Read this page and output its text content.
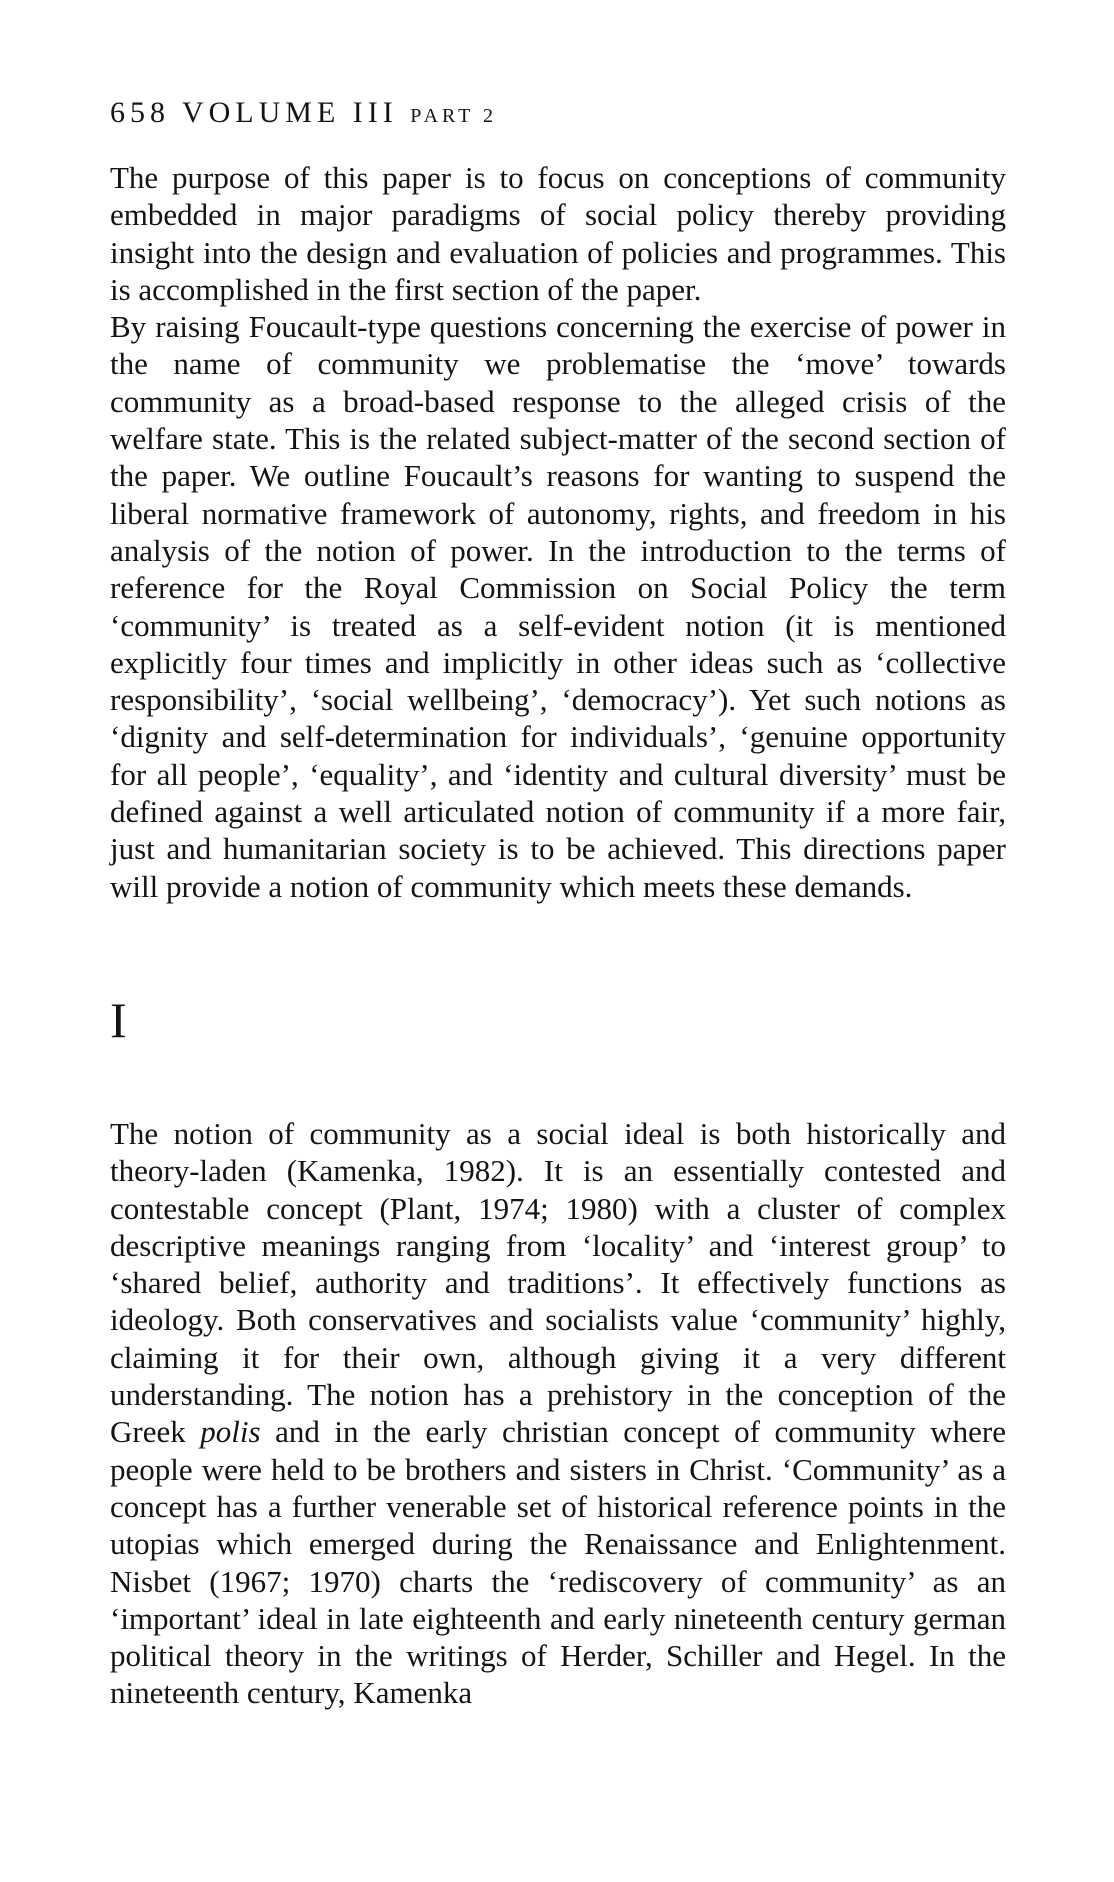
658 VOLUME III PART 2

The purpose of this paper is to focus on conceptions of community embedded in major paradigms of social policy thereby providing insight into the design and evaluation of policies and programmes. This is accomplished in the first section of the paper.

By raising Foucault-type questions concerning the exercise of power in the name of community we problematise the ‘move’ towards community as a broad-based response to the alleged crisis of the welfare state. This is the related subject-matter of the second section of the paper. We outline Foucault’s reasons for wanting to suspend the liberal normative framework of autonomy, rights, and freedom in his analysis of the notion of power. In the introduction to the terms of reference for the Royal Commission on Social Policy the term ‘community’ is treated as a self-evident notion (it is mentioned explicitly four times and implicitly in other ideas such as ‘collective responsibility’, ‘social wellbeing’, ‘democracy’). Yet such notions as ‘dignity and self-determination for individuals’, ‘genuine opportunity for all people’, ‘equality’, and ‘identity and cultural diversity’ must be defined against a well articulated notion of community if a more fair, just and humanitarian society is to be achieved. This directions paper will provide a notion of community which meets these demands.

I

The notion of community as a social ideal is both historically and theory-laden (Kamenka, 1982). It is an essentially contested and contestable concept (Plant, 1974; 1980) with a cluster of complex descriptive meanings ranging from ‘locality’ and ‘interest group’ to ‘shared belief, authority and traditions’. It effectively functions as ideology. Both conservatives and socialists value ‘community’ highly, claiming it for their own, although giving it a very different understanding. The notion has a prehistory in the conception of the Greek polis and in the early christian concept of community where people were held to be brothers and sisters in Christ. ‘Community’ as a concept has a further venerable set of historical reference points in the utopias which emerged during the Renaissance and Enlightenment. Nisbet (1967; 1970) charts the ‘rediscovery of community’ as an ‘important’ ideal in late eighteenth and early nineteenth century german political theory in the writings of Herder, Schiller and Hegel. In the nineteenth century, Kamenka
